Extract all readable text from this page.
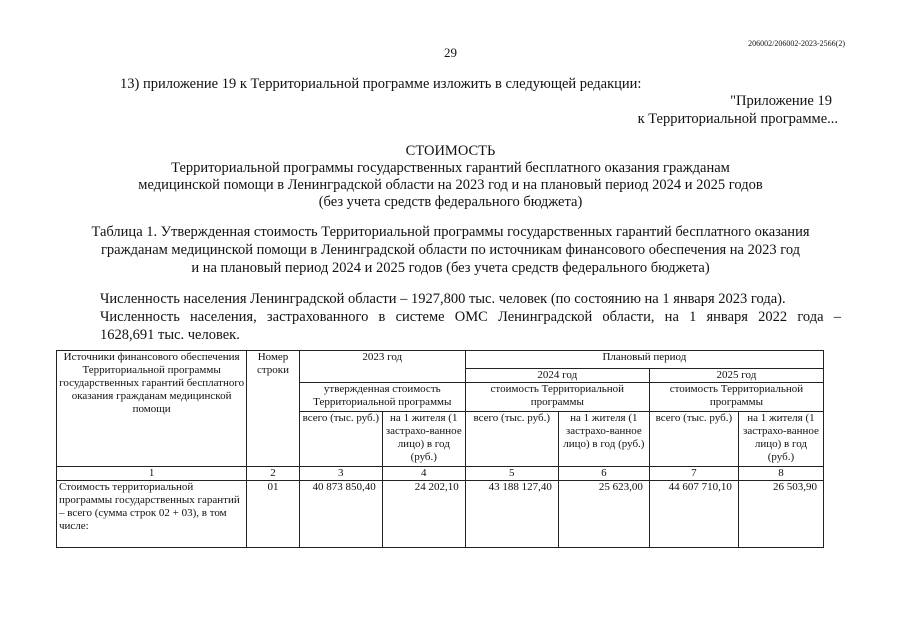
206002/206002-2023-2566(2)
29
13) приложение 19 к Территориальной программе изложить в следующей редакции:
"Приложение 19
к Территориальной программе...
СТОИМОСТЬ
Территориальной программы государственных гарантий бесплатного оказания гражданам
медицинской помощи в Ленинградской области на 2023 год и на плановый период 2024 и 2025 годов
(без учета средств федерального бюджета)
Таблица 1. Утвержденная стоимость Территориальной программы государственных гарантий бесплатного оказания
гражданам медицинской помощи в Ленинградской области по источникам финансового обеспечения на 2023 год
и на плановый период 2024 и 2025 годов (без учета средств федерального бюджета)

Численность населения Ленинградской области – 1927,800 тыс. человек (по состоянию на 1 января 2023 года).

Численность населения, застрахованного в системе ОМС Ленинградской области, на 1 января 2022 года –

1628,691 тыс. человек.

Источники финансового обеспечения Территориальной программы государственных гарантий бесплатного оказания гражданам медицинской помощи	Номер строки	2023 год		Плановый период			
				2024 год		2025 год	
		утвержденная стоимость Территориальной программы		стоимость Территориальной программы		стоимость Территориальной программы	
		всего (тыс. руб.)	на 1 жителя (1 застрахо-ванное лицо) в год (руб.)	всего (тыс. руб.)	на 1 жителя (1 застрахо-ванное лицо) в год (руб.)	всего (тыс. руб.)	на 1 жителя (1 застрахо-ванное лицо) в год (руб.)
1	2	3	4	5	6	7	8
Стоимость территориальной программы государственных гарантий – всего (сумма строк 02 + 03), в том числе:	01	40 873 850,40	24 202,10	43 188 127,40	25 623,00	44 607 710,10	26 503,90
